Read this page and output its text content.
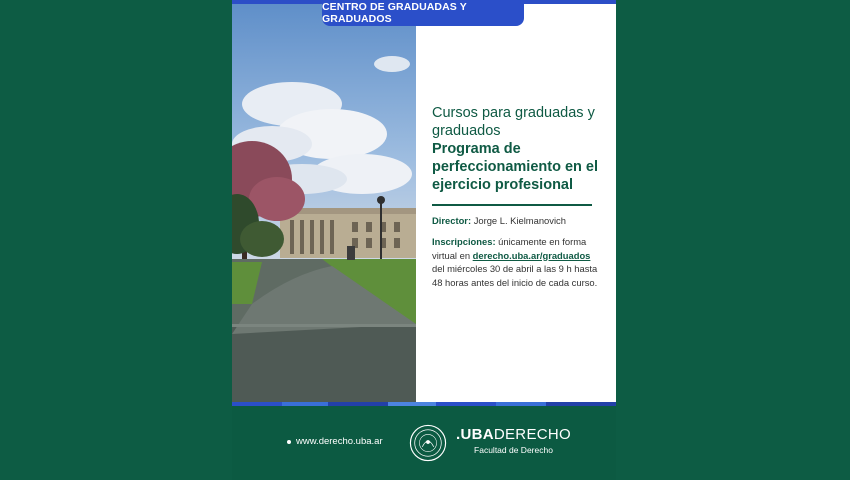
Cursos para graduadas y graduados

Programa de perfeccionamiento en el ejercicio profesional

Director: Jorge L. Kielmanovich
Inscripciones: únicamente en forma virtual en derecho.uba.ar/graduados del miércoles 30 de abril a las 9 h hasta 48 horas antes del inicio de cada curso.
CENTRO DE GRADUADAS Y GRADUADOS
www.derecho.uba.ar	.UBADERECHO
Facultad de Derecho
